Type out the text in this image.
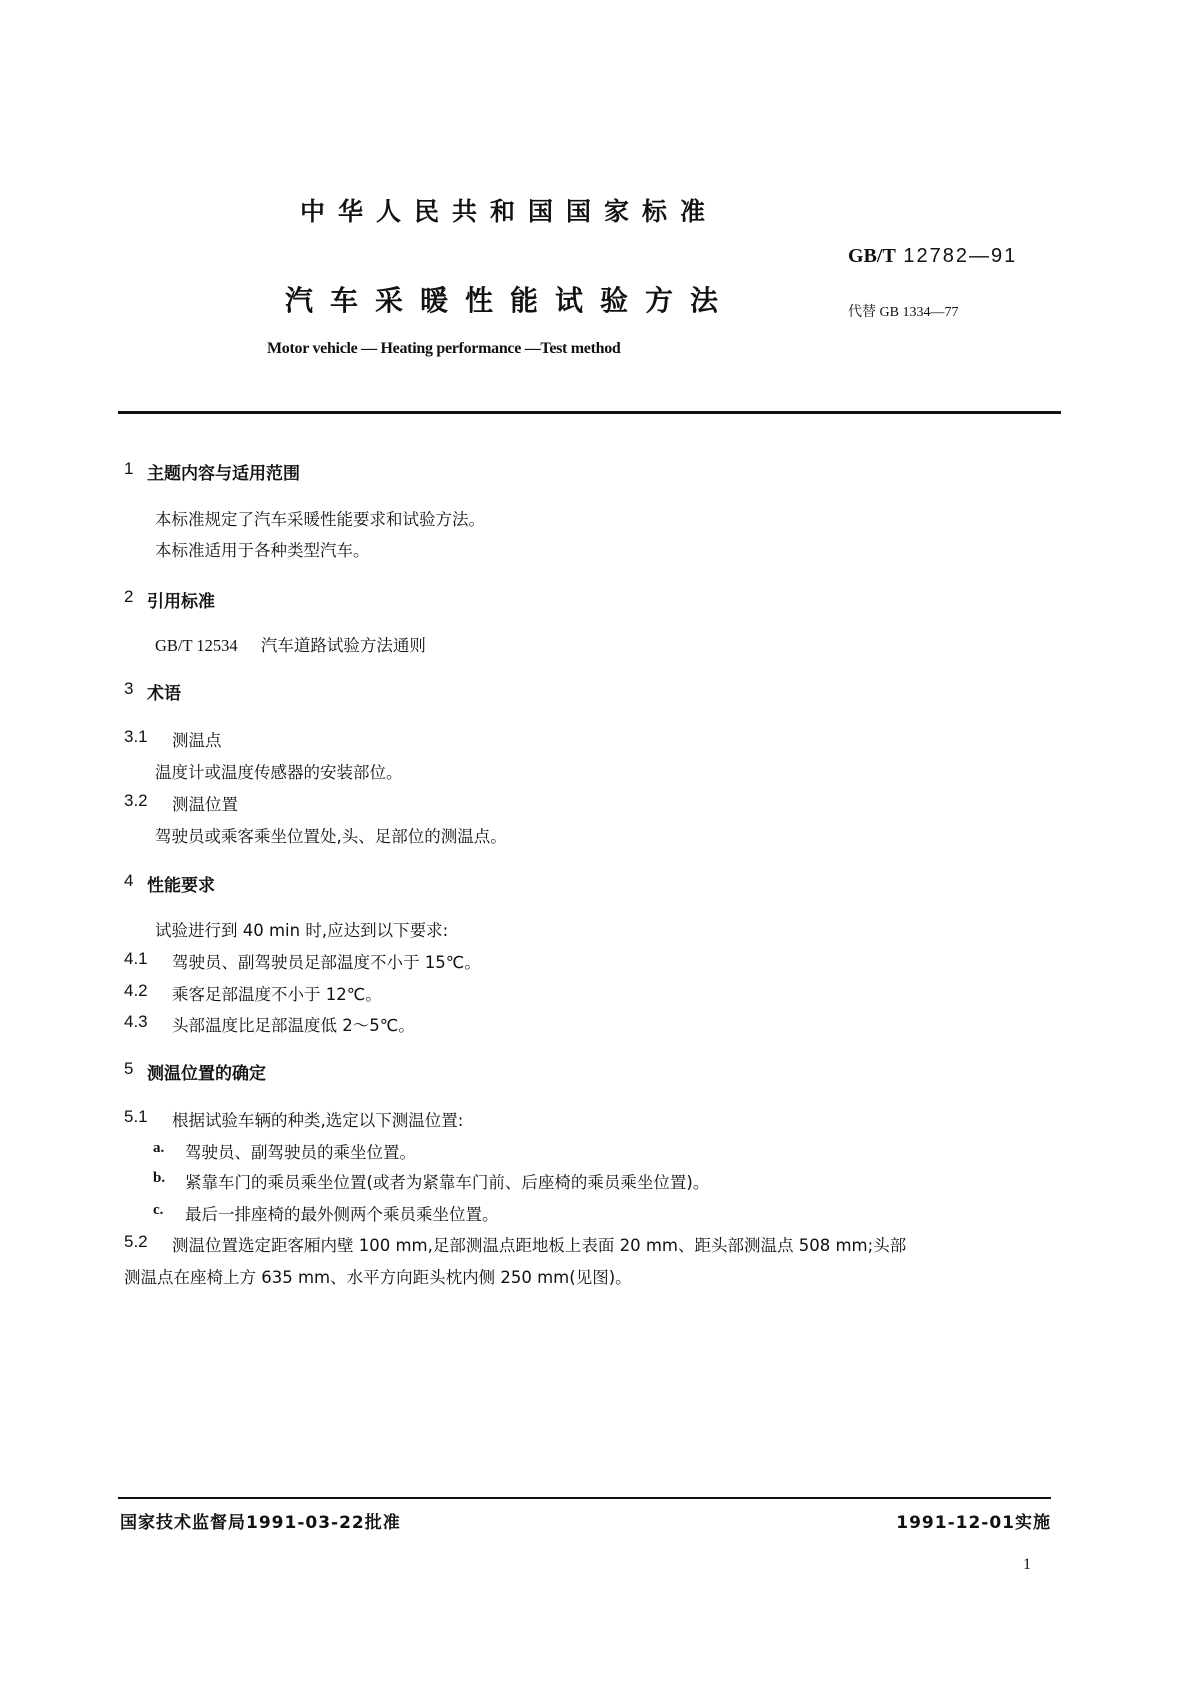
中华人民共和国国家标准
GB/T 12782—91
汽车采暖性能试验方法	代替 GB 1334—77
Motor vehicle — Heating performance —Test method
1 主题内容与适用范围
本标准规定了汽车采暖性能要求和试验方法。
本标准适用于各种类型汽车。
2 引用标准
GB/T 12534 汽车道路试验方法通则
3 术语
3.1 测温点
温度计或温度传感器的安装部位。
3.2 测温位置
驾驶员或乘客乘坐位置处,头、足部位的测温点。
4 性能要求
试验进行到 40 min 时,应达到以下要求:
4.1 驾驶员、副驾驶员足部温度不小于 15℃。
4.2 乘客足部温度不小于 12℃。
4.3 头部温度比足部温度低 2～5℃。
5 测温位置的确定
5.1 根据试验车辆的种类,选定以下测温位置:
a. 驾驶员、副驾驶员的乘坐位置。
b. 紧靠车门的乘员乘坐位置(或者为紧靠车门前、后座椅的乘员乘坐位置)。
c. 最后一排座椅的最外侧两个乘员乘坐位置。
5.2 测温位置选定距客厢内壁 100 mm,足部测温点距地板上表面 20 mm、距头部测温点 508 mm;头部
测温点在座椅上方 635 mm、水平方向距头枕内侧 250 mm(见图)。
国家技术监督局1991-03-22批准	1991-12-01实施
1
